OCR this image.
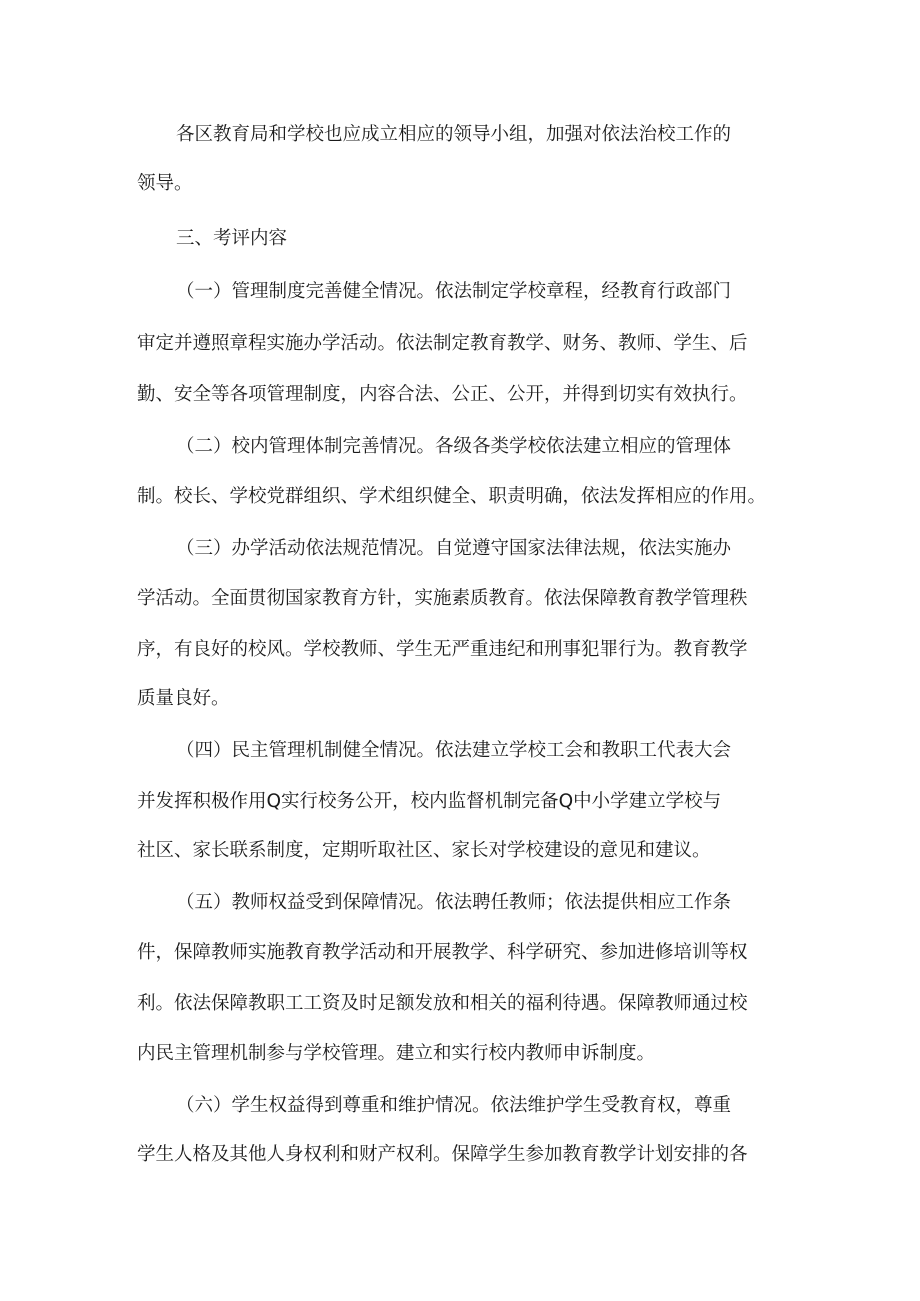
各区教育局和学校也应成立相应的领导小组，加强对依法治校工作的
领导。
三、考评内容
（一）管理制度完善健全情况。依法制定学校章程，经教育行政部门
审定并遵照章程实施办学活动。依法制定教育教学、财务、教师、学生、后
勤、安全等各项管理制度，内容合法、公正、公开，并得到切实有效执行。
（二）校内管理体制完善情况。各级各类学校依法建立相应的管理体
制。校长、学校党群组织、学术组织健全、职责明确，依法发挥相应的作用。
（三）办学活动依法规范情况。自觉遵守国家法律法规，依法实施办
学活动。全面贯彻国家教育方针，实施素质教育。依法保障教育教学管理秩
序，有良好的校风。学校教师、学生无严重违纪和刑事犯罪行为。教育教学
质量良好。
（四）民主管理机制健全情况。依法建立学校工会和教职工代表大会
并发挥积极作用Q实行校务公开，校内监督机制完备Q中小学建立学校与
社区、家长联系制度，定期听取社区、家长对学校建设的意见和建议。
（五）教师权益受到保障情况。依法聘任教师；依法提供相应工作条
件，保障教师实施教育教学活动和开展教学、科学研究、参加进修培训等权
利。依法保障教职工工资及时足额发放和相关的福利待遇。保障教师通过校
内民主管理机制参与学校管理。建立和实行校内教师申诉制度。
（六）学生权益得到尊重和维护情况。依法维护学生受教育权，尊重
学生人格及其他人身权利和财产权利。保障学生参加教育教学计划安排的各
